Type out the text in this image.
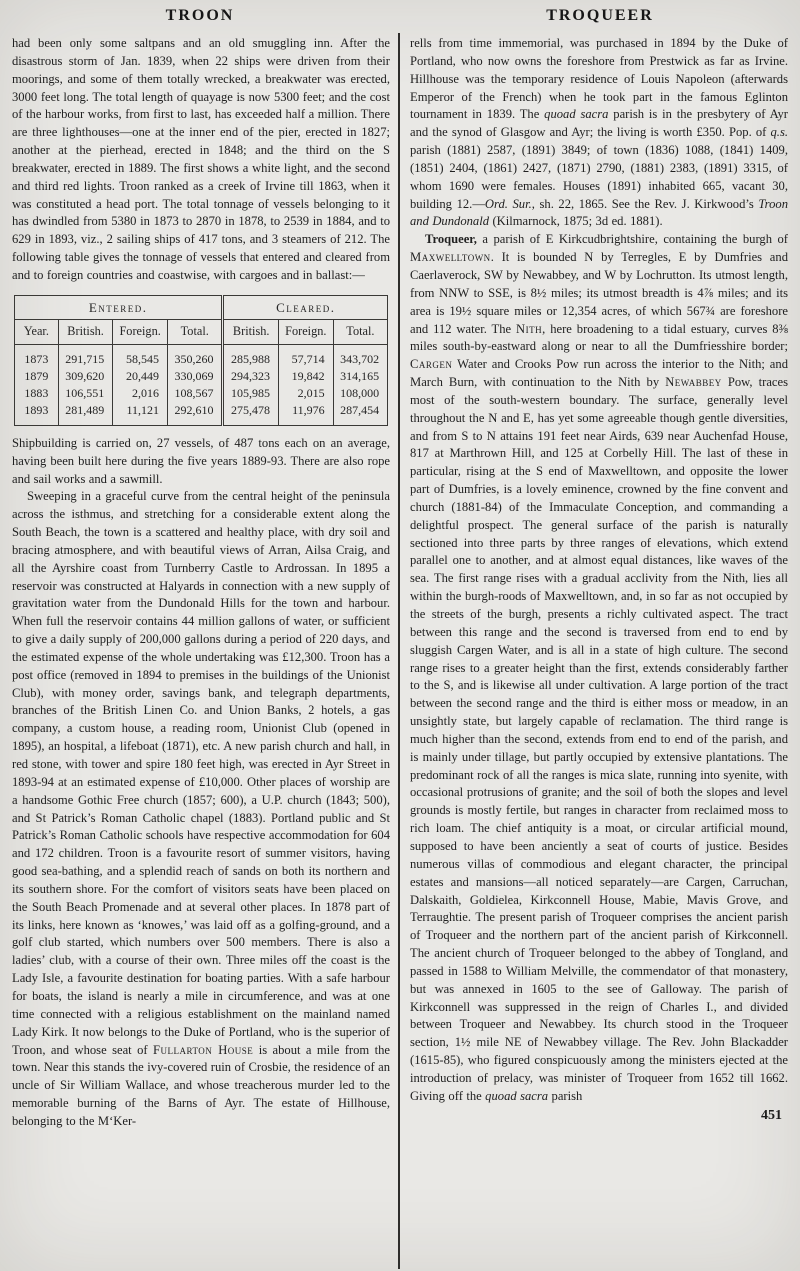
TROON	TROQUEER

had been only some saltpans and an old smuggling inn. After the disastrous storm of Jan. 1839, when 22 ships were driven from their moorings, and some of them totally wrecked, a breakwater was erected, 3000 feet long. The total length of quayage is now 5300 feet; and the cost of the harbour works, from first to last, has exceeded half a million. There are three lighthouses—one at the inner end of the pier, erected in 1827; another at the pierhead, erected in 1848; and the third on the S breakwater, erected in 1889. The first shows a white light, and the second and third red lights. Troon ranked as a creek of Irvine till 1863, when it was constituted a head port. The total tonnage of vessels belonging to it has dwindled from 5380 in 1873 to 2870 in 1878, to 2539 in 1884, and to 629 in 1893, viz., 2 sailing ships of 417 tons, and 3 steamers of 212. The following table gives the tonnage of vessels that entered and cleared from and to foreign countries and coastwise, with cargoes and in ballast:—

Entered.				Cleared.		
Year.	British.	Foreign.	Total.	British.	Foreign.	Total.
1873	291,715	58,545	350,260	285,988	57,714	343,702
1879	309,620	20,449	330,069	294,323	19,842	314,165
1883	106,551	2,016	108,567	105,985	2,015	108,000
1893	281,489	11,121	292,610	275,478	11,976	287,454

Shipbuilding is carried on, 27 vessels, of 487 tons each on an average, having been built here during the five years 1889-93. There are also rope and sail works and a sawmill.

Sweeping in a graceful curve from the central height of the peninsula across the isthmus, and stretching for a considerable extent along the South Beach, the town is a scattered and healthy place, with dry soil and bracing atmosphere, and with beautiful views of Arran, Ailsa Craig, and all the Ayrshire coast from Turnberry Castle to Ardrossan. In 1895 a reservoir was constructed at Halyards in connection with a new supply of gravitation water from the Dundonald Hills for the town and harbour. When full the reservoir contains 44 million gallons of water, or sufficient to give a daily supply of 200,000 gallons during a period of 220 days, and the estimated expense of the whole undertaking was £12,300. Troon has a post office (removed in 1894 to premises in the buildings of the Unionist Club), with money order, savings bank, and telegraph departments, branches of the British Linen Co. and Union Banks, 2 hotels, a gas company, a custom house, a reading room, Unionist Club (opened in 1895), an hospital, a lifeboat (1871), etc. A new parish church and hall, in red stone, with tower and spire 180 feet high, was erected in Ayr Street in 1893-94 at an estimated expense of £10,000. Other places of worship are a handsome Gothic Free church (1857; 600), a U.P. church (1843; 500), and St Patrick’s Roman Catholic chapel (1883). Portland public and St Patrick’s Roman Catholic schools have respective accommodation for 604 and 172 children. Troon is a favourite resort of summer visitors, having good sea-bathing, and a splendid reach of sands on both its northern and its southern shore. For the comfort of visitors seats have been placed on the South Beach Promenade and at several other places. In 1878 part of its links, here known as ‘knowes,’ was laid off as a golfing-ground, and a golf club started, which numbers over 500 members. There is also a ladies’ club, with a course of their own. Three miles off the coast is the Lady Isle, a favourite destination for boating parties. With a safe harbour for boats, the island is nearly a mile in circumference, and was at one time connected with a religious establishment on the mainland named Lady Kirk. It now belongs to the Duke of Portland, who is the superior of Troon, and whose seat of Fullarton House is about a mile from the town. Near this stands the ivy-covered ruin of Crosbie, the residence of an uncle of Sir William Wallace, and whose treacherous murder led to the memorable burning of the Barns of Ayr. The estate of Hillhouse, belonging to the M‘Ker-

rells from time immemorial, was purchased in 1894 by the Duke of Portland, who now owns the foreshore from Prestwick as far as Irvine. Hillhouse was the temporary residence of Louis Napoleon (afterwards Emperor of the French) when he took part in the famous Eglinton tournament in 1839. The quoad sacra parish is in the presbytery of Ayr and the synod of Glasgow and Ayr; the living is worth £350. Pop. of q.s. parish (1881) 2587, (1891) 3849; of town (1836) 1088, (1841) 1409, (1851) 2404, (1861) 2427, (1871) 2790, (1881) 2383, (1891) 3315, of whom 1690 were females. Houses (1891) inhabited 665, vacant 30, building 12.—Ord. Sur., sh. 22, 1865. See the Rev. J. Kirkwood’s Troon and Dundonald (Kilmarnock, 1875; 3d ed. 1881).

Troqueer, a parish of E Kirkcudbrightshire, containing the burgh of Maxwelltown. It is bounded N by Terregles, E by Dumfries and Caerlaverock, SW by Newabbey, and W by Lochrutton. Its utmost length, from NNW to SSE, is 8½ miles; its utmost breadth is 4⅞ miles; and its area is 19½ square miles or 12,354 acres, of which 567¾ are foreshore and 112 water. The Nith, here broadening to a tidal estuary, curves 8⅜ miles south-by-eastward along or near to all the Dumfriesshire border; Cargen Water and Crooks Pow run across the interior to the Nith; and March Burn, with continuation to the Nith by Newabbey Pow, traces most of the south-western boundary. The surface, generally level throughout the N and E, has yet some agreeable though gentle diversities, and from S to N attains 191 feet near Airds, 639 near Auchenfad House, 817 at Marthrown Hill, and 125 at Corbelly Hill. The last of these in particular, rising at the S end of Maxwelltown, and opposite the lower part of Dumfries, is a lovely eminence, crowned by the fine convent and church (1881-84) of the Immaculate Conception, and commanding a delightful prospect. The general surface of the parish is naturally sectioned into three parts by three ranges of elevations, which extend parallel one to another, and at almost equal distances, like waves of the sea. The first range rises with a gradual acclivity from the Nith, lies all within the burgh-roods of Maxwelltown, and, in so far as not occupied by the streets of the burgh, presents a richly cultivated aspect. The tract between this range and the second is traversed from end to end by sluggish Cargen Water, and is all in a state of high culture. The second range rises to a greater height than the first, extends considerably farther to the S, and is likewise all under cultivation. A large portion of the tract between the second range and the third is either moss or meadow, in an unsightly state, but largely capable of reclamation. The third range is much higher than the second, extends from end to end of the parish, and is mainly under tillage, but partly occupied by extensive plantations. The predominant rock of all the ranges is mica slate, running into syenite, with occasional protrusions of granite; and the soil of both the slopes and level grounds is mostly fertile, but ranges in character from reclaimed moss to rich loam. The chief antiquity is a moat, or circular artificial mound, supposed to have been anciently a seat of courts of justice. Besides numerous villas of commodious and elegant character, the principal estates and mansions—all noticed separately—are Cargen, Carruchan, Dalskaith, Goldielea, Kirkconnell House, Mabie, Mavis Grove, and Terraughtie. The present parish of Troqueer comprises the ancient parish of Troqueer and the northern part of the ancient parish of Kirkconnell. The ancient church of Troqueer belonged to the abbey of Tongland, and passed in 1588 to William Melville, the commendator of that monastery, but was annexed in 1605 to the see of Galloway. The parish of Kirkconnell was suppressed in the reign of Charles I., and divided between Troqueer and Newabbey. Its church stood in the Troqueer section, 1½ mile NE of Newabbey village. The Rev. John Blackadder (1615-85), who figured conspicuously among the ministers ejected at the introduction of prelacy, was minister of Troqueer from 1652 till 1662. Giving off the quoad sacra parish

451
